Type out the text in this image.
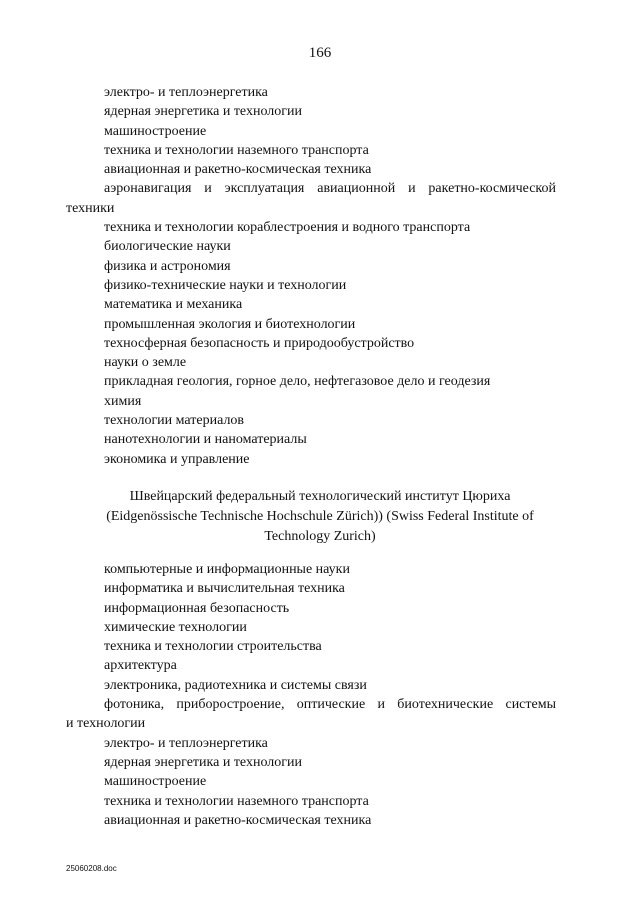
166
электро- и теплоэнергетика
ядерная энергетика и технологии
машиностроение
техника и технологии наземного транспорта
авиационная и ракетно-космическая техника
аэронавигация и эксплуатация авиационной и ракетно-космической
техники
техника и технологии кораблестроения и водного транспорта
биологические науки
физика и астрономия
физико-технические науки и технологии
математика и механика
промышленная экология и биотехнологии
техносферная безопасность и природообустройство
науки о земле
прикладная геология, горное дело, нефтегазовое дело и геодезия
химия
технологии материалов
нанотехнологии и наноматериалы
экономика и управление
Швейцарский федеральный технологический институт Цюриха
(Eidgenössische Technische Hochschule Zürich)) (Swiss Federal Institute of
Technology Zurich)
компьютерные и информационные науки
информатика и вычислительная техника
информационная безопасность
химические технологии
техника и технологии строительства
архитектура
электроника, радиотехника и системы связи
фотоника, приборостроение, оптические и биотехнические системы
и технологии
электро- и теплоэнергетика
ядерная энергетика и технологии
машиностроение
техника и технологии наземного транспорта
авиационная и ракетно-космическая техника
25060208.doc
